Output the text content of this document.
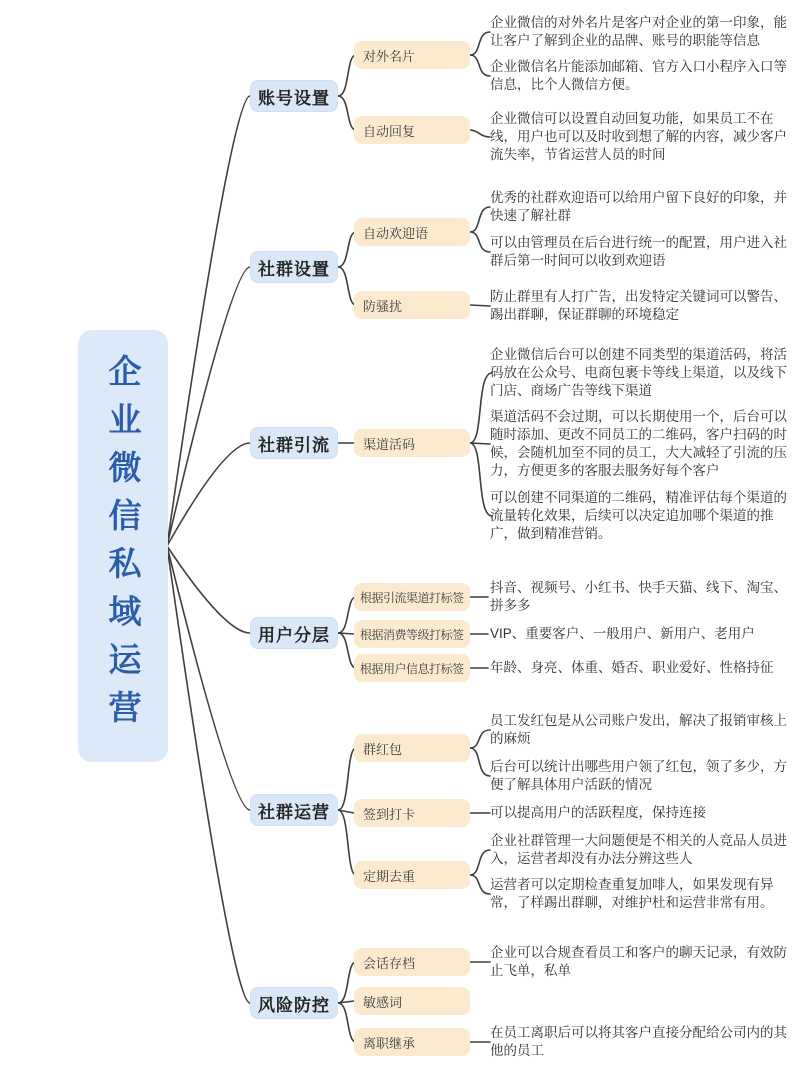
企业微信私域运营
账号设置
社群设置
社群引流
用户分层
社群运营
风险防控
对外名片
自动回复
自动欢迎语
防骚扰
渠道活码
根据引流渠道打标签
根据消费等级打标签
根据用户信息打标签
群红包
签到打卡
定期去重
会话存档
敏感词
离职继承
企业微信的对外名片是客户对企业的第一印象，能让客户了解到企业的品牌、账号的职能等信息
企业微信名片能添加邮箱、官方入口小程序入口等信息，比个人微信方便。
企业微信可以设置自动回复功能，如果员工不在线，用户也可以及时收到想了解的内容，减少客户流失率，节省运营人员的时间
优秀的社群欢迎语可以给用户留下良好的印象，并快速了解社群
可以由管理员在后台进行统一的配置，用户进入社群后第一时间可以收到欢迎语
防止群里有人打广告，出发特定关键词可以警告、踢出群聊，保证群聊的环境稳定
企业微信后台可以创建不同类型的渠道活码，将活码放在公众号、电商包裹卡等线上渠道，以及线下门店、商场广告等线下渠道
渠道活码不会过期，可以长期使用一个，后台可以随时添加、更改不同员工的二维码，客户扫码的时候，会随机加至不同的员工，大大减轻了引流的压力，方便更多的客服去服务好每个客户
可以创建不同渠道的二维码，精准评估每个渠道的流量转化效果，后续可以决定追加哪个渠道的推广，做到精准营销。
抖音、视频号、小红书、快手天猫、线下、淘宝、拼多多
VIP、重要客户、一般用户、新用户、老用户
年龄、身亮、体重、婚否、职业爱好、性格持征
员工发红包是从公司账户发出，解决了报销审核上的麻烦
后台可以统计出哪些用户领了红包，领了多少，方便了解具体用户活跃的情况
可以提高用户的活跃程度，保持连接
企业社群管理一大问题便是不相关的人竞品人员进入，运营者却没有办法分辨这些人
运营者可以定期检查重复加啡人，如果发现有异常，了样踢出群聊，对维护杜和运营非常有用。
企业可以合规查看员工和客户的聊天记录，有效防止飞单，私单
在员工离职后可以将其客户直接分配给公司内的其他的员工
